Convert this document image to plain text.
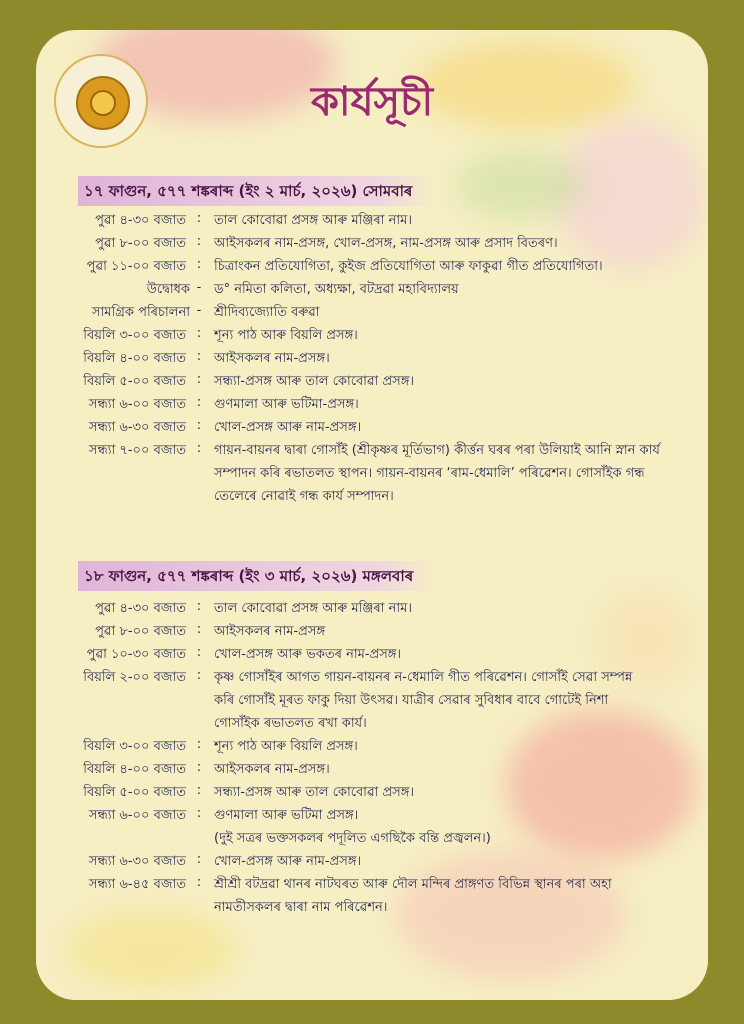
কাৰ্যসূচী
১৭ ফাগুন, ৫৭৭ শঙ্কৰাব্দ (ইং ২ মাৰ্চ, ২০২৬) সোমবাৰ
পুৱা ৪-৩০ বজাত : তাল কোবোৱা প্ৰসঙ্গ আৰু মঞ্জিৰা নাম।
পুৱা ৮-০০ বজাত : আইসকলৰ নাম-প্ৰসঙ্গ, খোল-প্ৰসঙ্গ, নাম-প্ৰসঙ্গ আৰু প্ৰসাদ বিতৰণ।
পুৱা ১১-০০ বজাত : চিত্ৰাংকন প্ৰতিযোগিতা, কুইজ প্ৰতিযোগিতা আৰু ফাকুৱা গীত প্ৰতিযোগিতা।
উদ্বোধক - ড° নমিতা কলিতা, অধ্যক্ষা, বটদ্ৰৱা মহাবিদ্যালয়
সামগ্ৰিক পৰিচালনা - শ্ৰীদিব্যজ্যোতি বৰুৱা
বিয়লি ৩-০০ বজাত : শূন্য পাঠ আৰু বিয়লি প্ৰসঙ্গ।
বিয়লি ৪-০০ বজাত : আইসকলৰ নাম-প্ৰসঙ্গ।
বিয়লি ৫-০০ বজাত : সন্ধ্যা-প্ৰসঙ্গ আৰু তাল কোবোৱা প্ৰসঙ্গ।
সন্ধ্যা ৬-০০ বজাত : গুণমালা আৰু ভটিমা-প্ৰসঙ্গ।
সন্ধ্যা ৬-৩০ বজাত : খোল-প্ৰসঙ্গ আৰু নাম-প্ৰসঙ্গ।
সন্ধ্যা ৭-০০ বজাত : গায়ন-বায়নৰ দ্বাৰা গোসাঁই (শ্ৰীকৃষ্ণৰ মূৰ্তিভাগ) কীৰ্ত্তন ঘৰৰ পৰা উলিয়াই আনি স্নান কাৰ্য
সম্পাদন কৰি ৰভাতলত স্থাপন। গায়ন-বায়নৰ ‘ৰাম-ধেমালি’ পৰিৱেশন। গোসাঁইক গন্ধ
তেলেৰে নোৱাই গন্ধ কাৰ্য সম্পাদন।
১৮ ফাগুন, ৫৭৭ শঙ্কৰাব্দ (ইং ৩ মাৰ্চ, ২০২৬) মঙ্গলবাৰ
পুৱা ৪-৩০ বজাত : তাল কোবোৱা প্ৰসঙ্গ আৰু মঞ্জিৰা নাম।
পুৱা ৮-০০ বজাত : আইসকলৰ নাম-প্ৰসঙ্গ
পুৱা ১০-৩০ বজাত : খোল-প্ৰসঙ্গ আৰু ভকতৰ নাম-প্ৰসঙ্গ।
বিয়লি ২-০০ বজাত : কৃষ্ণ গোসাঁইৰ আগত গায়ন-বায়নৰ ন-ধেমালি গীত পৰিৱেশন। গোসাঁই সেৱা সম্পন্ন
কৰি গোসাঁই মূৰত ফাকু দিয়া উৎসৱ। যাত্ৰীৰ সেৱাৰ সুবিধাৰ বাবে গোটেই নিশা
গোসাঁইক ৰভাতলত ৰখা কাৰ্য।
বিয়লি ৩-০০ বজাত : শূন্য পাঠ আৰু বিয়লি প্ৰসঙ্গ।
বিয়লি ৪-০০ বজাত : আইসকলৰ নাম-প্ৰসঙ্গ।
বিয়লি ৫-০০ বজাত : সন্ধ্যা-প্ৰসঙ্গ আৰু তাল কোবোৱা প্ৰসঙ্গ।
সন্ধ্যা ৬-০০ বজাত : গুণমালা আৰু ভটিমা প্ৰসঙ্গ।
(দুই সত্ৰৰ ভক্তসকলৰ পদূলিত এগছিকৈ বন্তি প্ৰজ্বলন।)
সন্ধ্যা ৬-৩০ বজাত : খোল-প্ৰসঙ্গ আৰু নাম-প্ৰসঙ্গ।
সন্ধ্যা ৬-৪৫ বজাত : শ্ৰীশ্ৰী বটদ্ৰৱা থানৰ নাটঘৰত আৰু দৌল মন্দিৰ প্ৰাঙ্গণত বিভিন্ন স্থানৰ পৰা অহা
নামতীসকলৰ দ্বাৰা নাম পৰিৱেশন।
